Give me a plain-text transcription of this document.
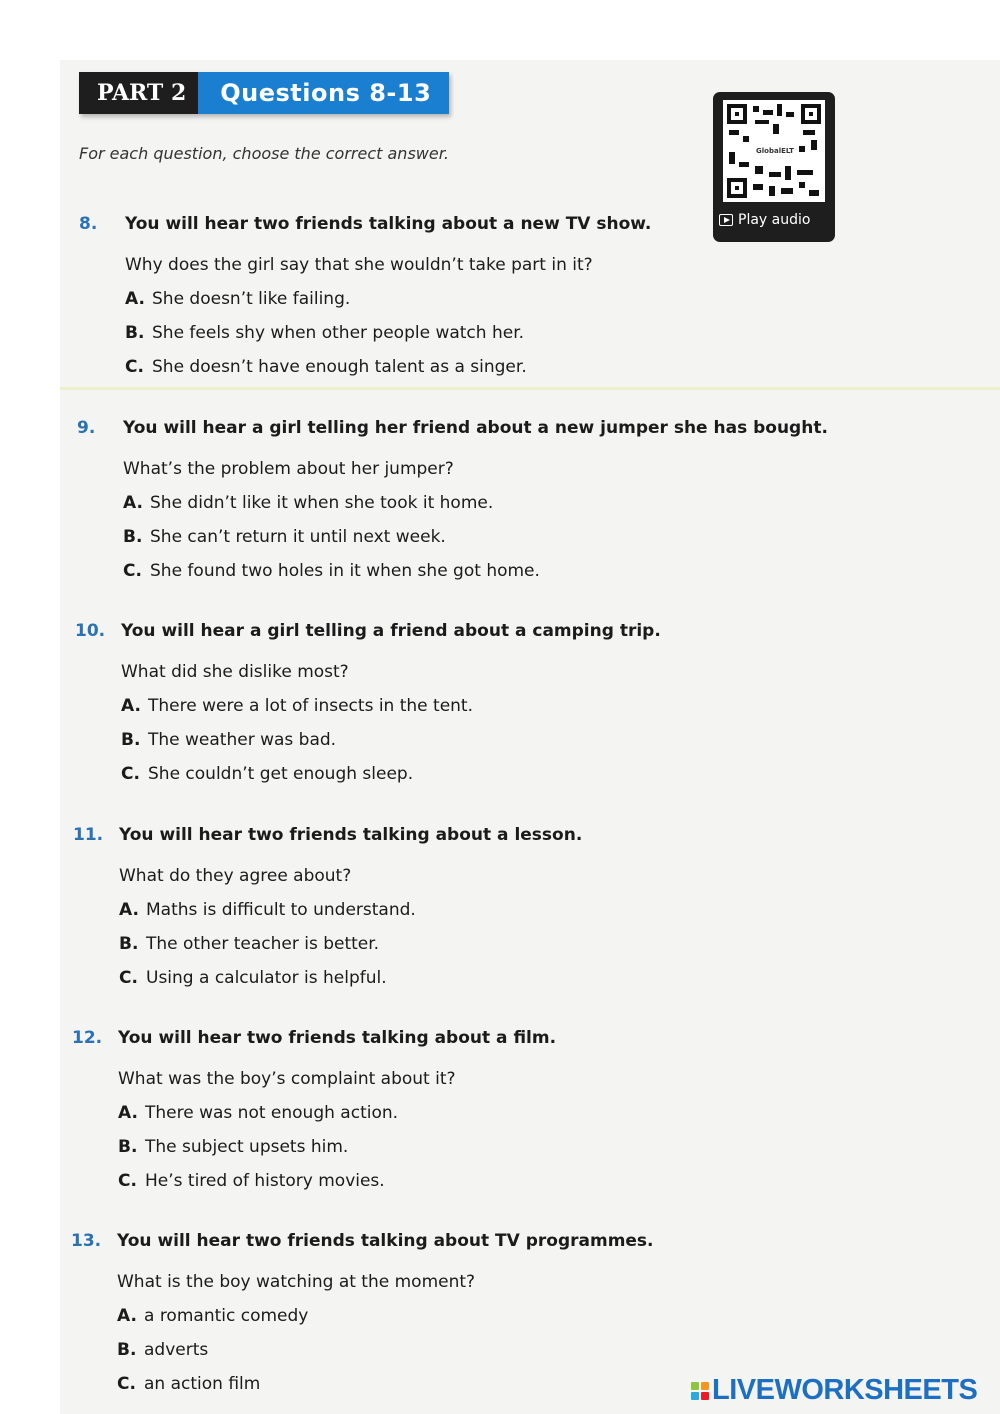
PART 2	Questions 8-13
For each question, choose the correct answer.	GlobalELT
Play audio
8.	You will hear two friends talking about a new TV show.
Why does the girl say that she wouldn’t take part in it?
A. She doesn’t like failing.
B. She feels shy when other people watch her.
C. She doesn’t have enough talent as a singer.
9.	You will hear a girl telling her friend about a new jumper she has bought.
What’s the problem about her jumper?
A. She didn’t like it when she took it home.
B. She can’t return it until next week.
C. She found two holes in it when she got home.
10. You will hear a girl telling a friend about a camping trip.
What did she dislike most?
A. There were a lot of insects in the tent.
B. The weather was bad.
C. She couldn’t get enough sleep.
11. You will hear two friends talking about a lesson.
What do they agree about?
A. Maths is difficult to understand.
B. The other teacher is better.
C. Using a calculator is helpful.
12. You will hear two friends talking about a film.
What was the boy’s complaint about it?
A. There was not enough action.
B. The subject upsets him.
C. He’s tired of history movies.
13. You will hear two friends talking about TV programmes.
What is the boy watching at the moment?
A. a romantic comedy
B. adverts
C. an action film	LIVEWORKSHEETS
